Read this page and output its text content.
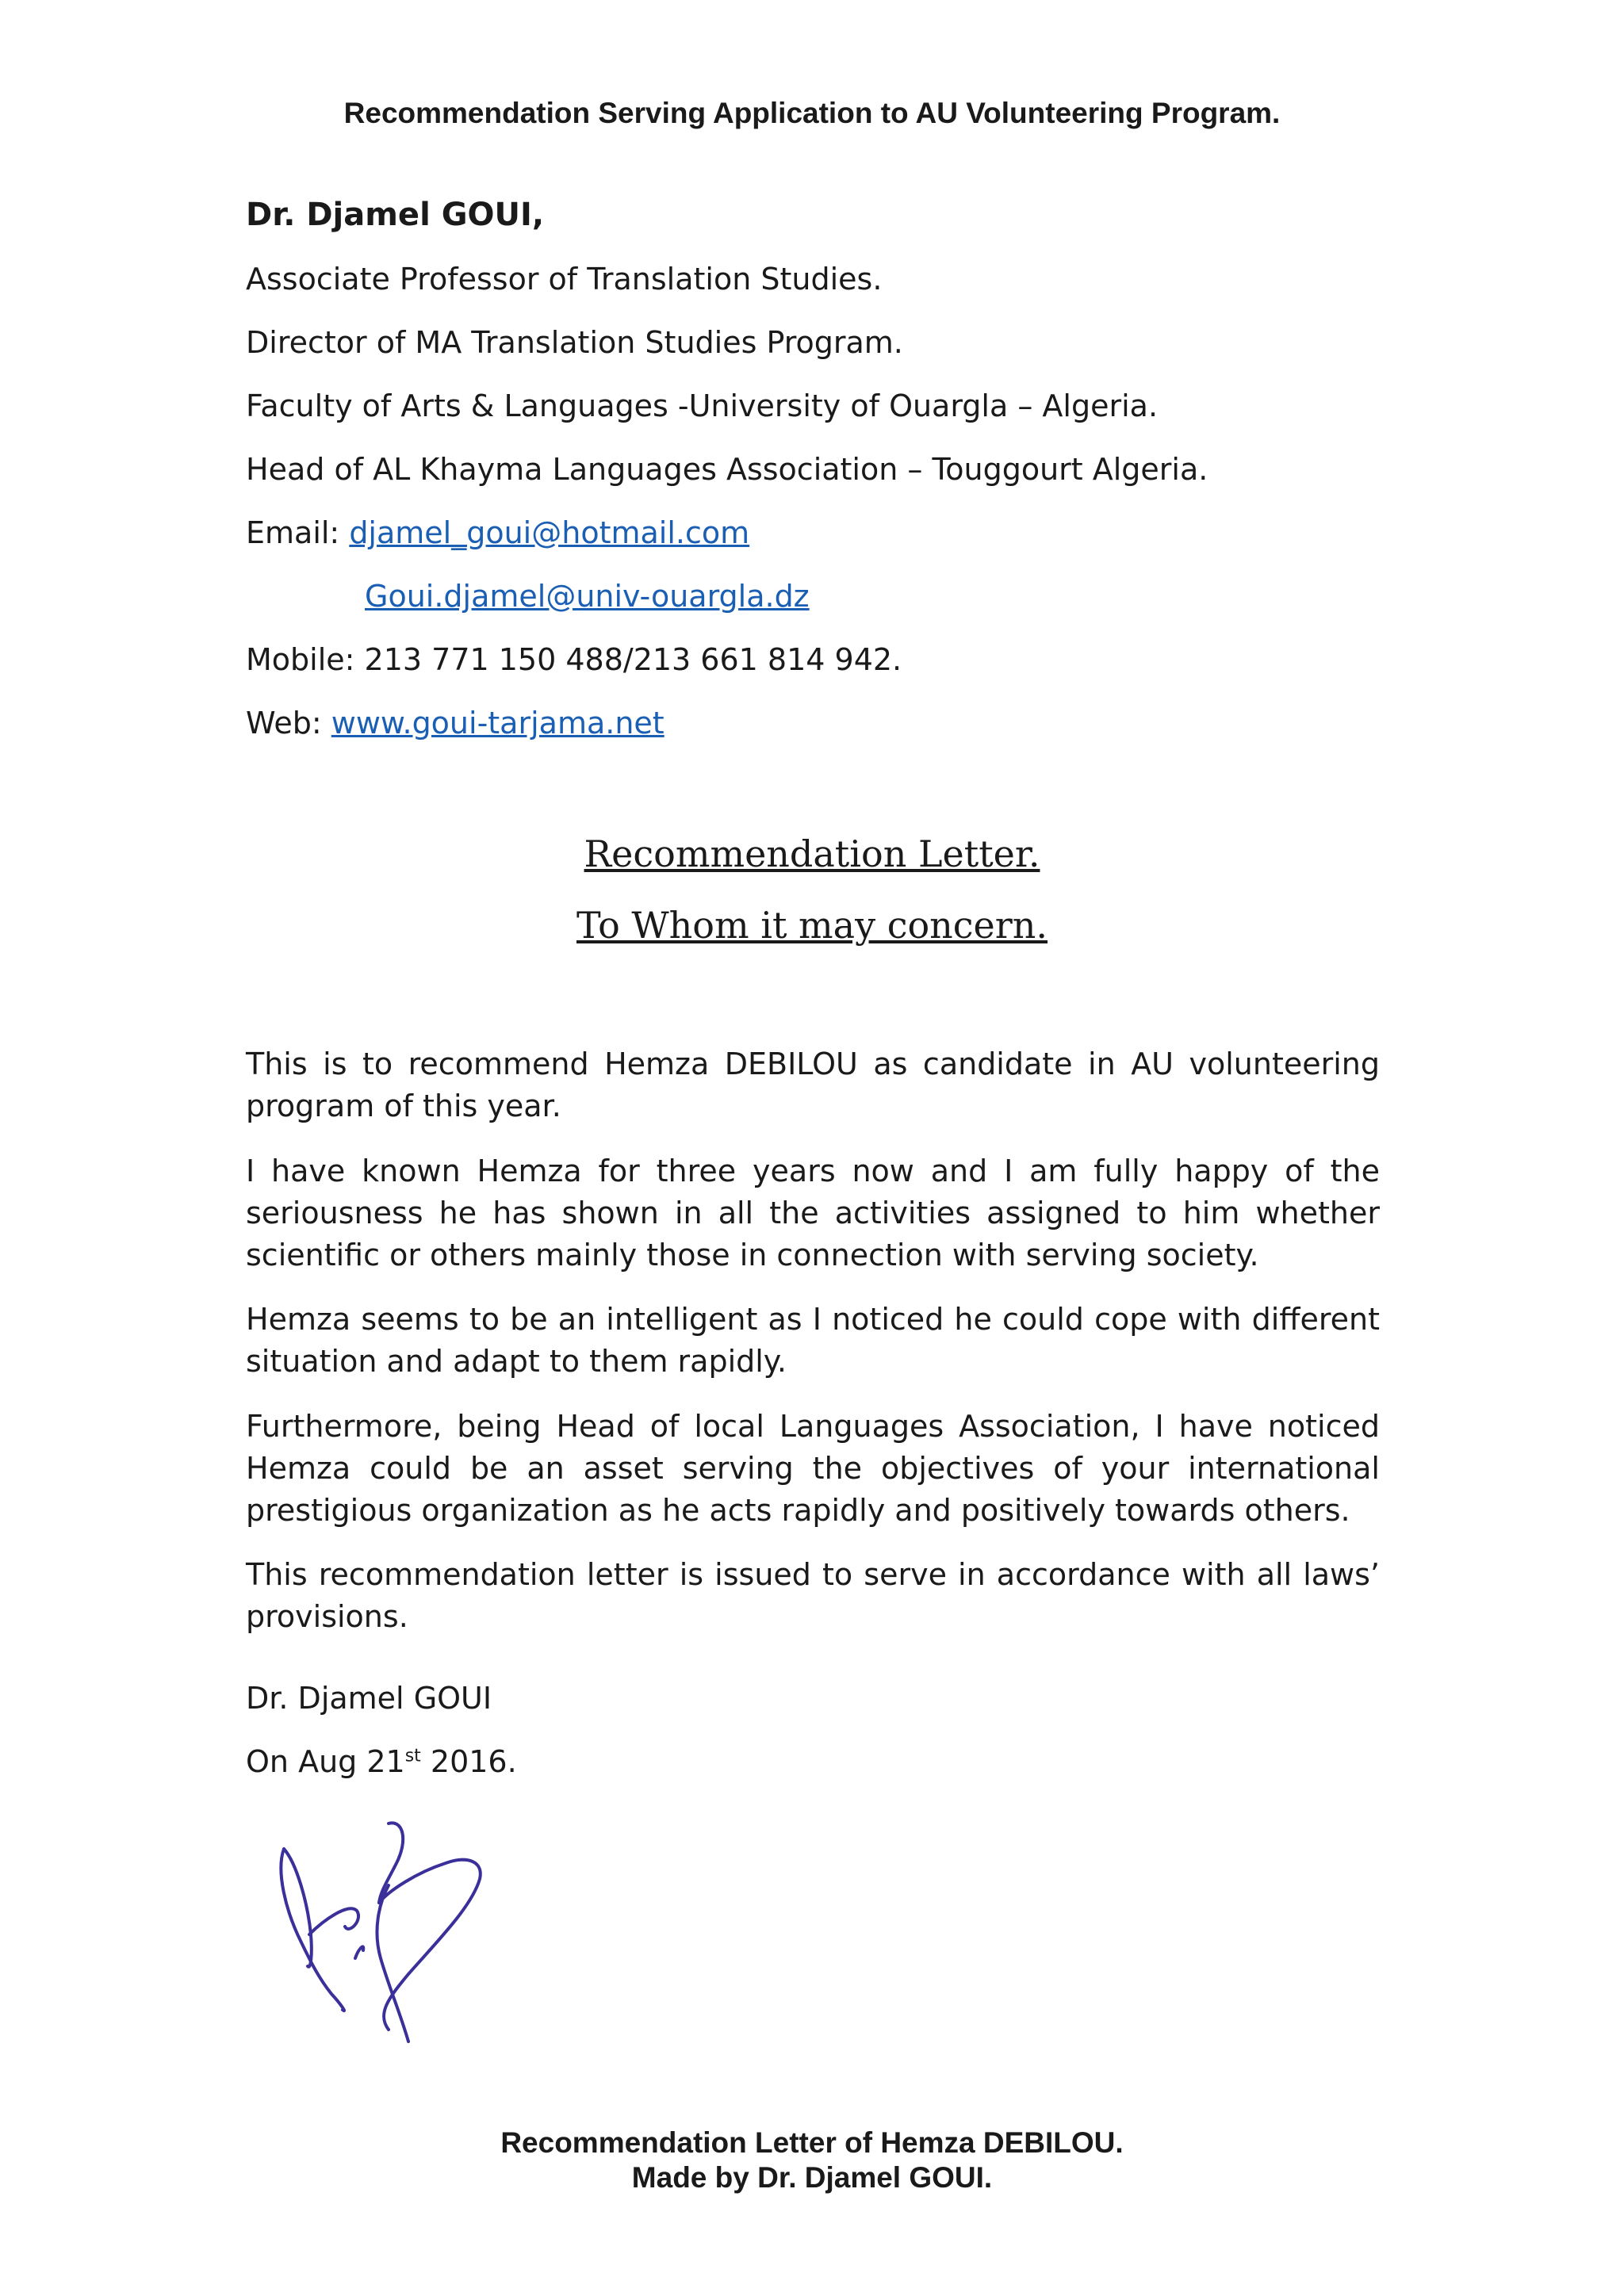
Recommendation Serving Application to AU Volunteering Program.
Dr. Djamel GOUI,
Associate Professor of Translation Studies.
Director of MA Translation Studies Program.
Faculty of Arts & Languages -University of Ouargla – Algeria.
Head of AL Khayma Languages Association – Touggourt Algeria.
Email: djamel_goui@hotmail.com
Goui.djamel@univ-ouargla.dz
Mobile: 213 771 150 488/213 661 814 942.
Web: www.goui-tarjama.net
Recommendation Letter.
To Whom it may concern.

This is to recommend Hemza DEBILOU as candidate in AU volunteering program of this year.

I have known Hemza for three years now and I am fully happy of the seriousness he has shown in all the activities assigned to him whether scientific or others mainly those in connection with serving society.

Hemza seems to be an intelligent as I noticed he could cope with different situation and adapt to them rapidly.

Furthermore, being Head of local Languages Association, I have noticed Hemza could be an asset serving the objectives of your international prestigious organization as he acts rapidly and positively towards others.

This recommendation letter is issued to serve in accordance with all laws’ provisions.

Dr. Djamel GOUI
On Aug 21st 2016.
Recommendation Letter of Hemza DEBILOU.
Made by Dr. Djamel GOUI.
